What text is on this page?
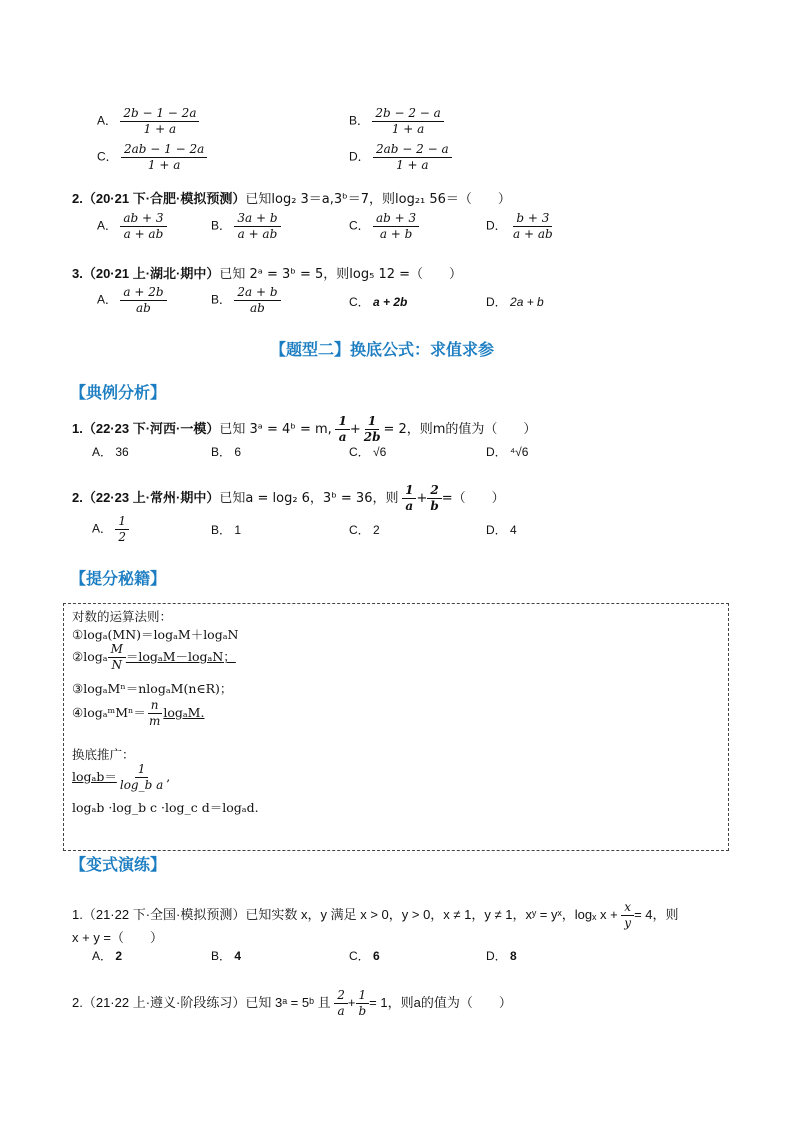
A． $\frac{2b - 1 - 2a}{1 + a}$	B． $\frac{2b - 2 - a}{1 + a}$
C． $\frac{2ab - 1 - 2a}{1 + a}$	D． $\frac{2ab - 2 - a}{1 + a}$
2.（20·21 下·合肥·模拟预测）已知log₂ 3＝a,3ᵇ＝7，则log₂₁ 56＝（　　）
A． $\frac{ab + 3}{a + ab}$	B． $\frac{3a + b}{a + ab}$	C． $\frac{ab + 3}{a + b}$	D． $\frac{b + 3}{a + ab}$
3.（20·21 上·湖北·期中）已知 2ᵃ = 3ᵇ = 5，则log₅ 12 =（　　）
A． $\frac{a + 2b}{ab}$	B． $\frac{2a + b}{ab}$	C． a + 2b	D． 2a + b
【题型二】换底公式：求值求参
【典例分析】
1.（22·23 下·河西·一模）已知 3ᵃ = 4ᵇ = m, $\frac{1}{a} + \frac{1}{2b} = 2$，则m的值为（　　）
A． 36	B． 6	C． √6	D． ⁴√6
2.（22·23 上·常州·期中）已知a = log₂ 6，3ᵇ = 36，则 $\frac{1}{a} + \frac{2}{b}$ =（　　）
A． $\frac{1}{2}$	B． 1	C． 2	D． 4
【提分秘籍】
对数的运算法则：
①logₐ(MN)＝logₐM＋logₐN
②logₐ $\frac{M}{N} =\log_aM-\log_aN$；
③logₐMⁿ＝nlogₐM(n∈R)；
④logₐᵐMⁿ＝ $\frac{n}{m} \log_aM$.
换底推广：
$\log_ab= \frac{1}{\text{log\_b a}}$ ,
logₐb ·log_b c ·log_c d＝logₐd.
【变式演练】
1.（21·22 下·全国·模拟预测）已知实数 x，y 满足 x > 0，y > 0，x ≠ 1，y ≠ 1，xʸ = yˣ，logₓ $x + \frac{x}{y} = 4$，则
x + y =（　　）
A． 2	B． 4	C． 6	D． 8
2.（21·22 上·遵义·阶段练习）已知 3ᵃ = 5ᵇ 且 $\frac{2}{a} + \frac{1}{b} = 1$，则a的值为（　　）
